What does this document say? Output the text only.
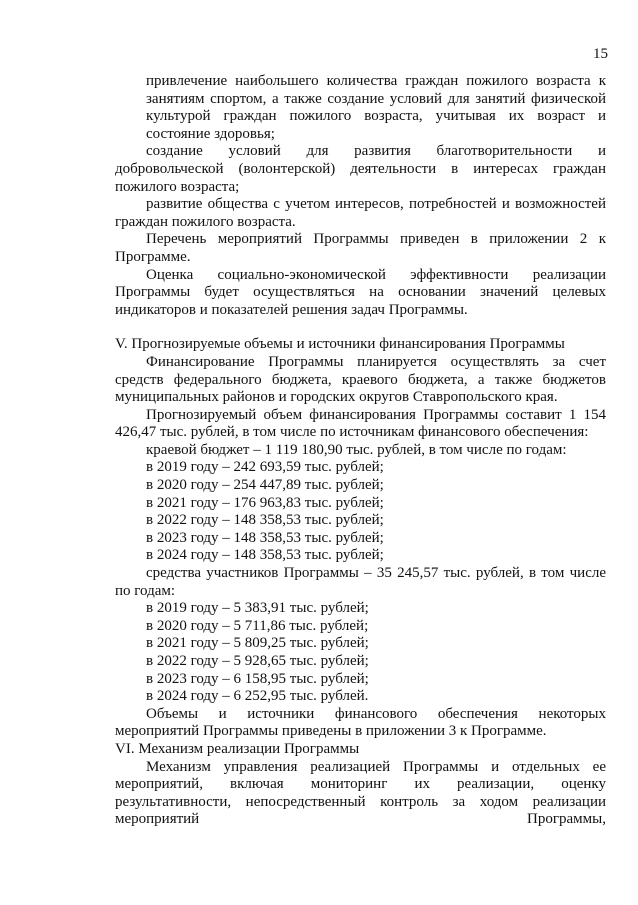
15

привлечение наибольшего количества граждан пожилого возраста к занятиям спортом, а также создание условий для занятий физической культурой граждан пожилого возраста, учитывая их возраст и состояние здоровья;

создание условий для развития благотворительности и добровольческой (волонтерской) деятельности в интересах граждан пожилого возраста;

развитие общества с учетом интересов, потребностей и возможностей граждан пожилого возраста.

Перечень мероприятий Программы приведен в приложении 2 к Программе.

Оценка социально-экономической эффективности реализации Программы будет осуществляться на основании значений целевых индикаторов и показателей решения задач Программы.

V. Прогнозируемые объемы и источники финансирования Программы

Финансирование Программы планируется осуществлять за счет средств федерального бюджета, краевого бюджета, а также бюджетов муниципальных районов и городских округов Ставропольского края.

Прогнозируемый объем финансирования Программы составит 1 154 426,47 тыс. рублей, в том числе по источникам финансового обеспечения:

краевой бюджет – 1 119 180,90 тыс. рублей, в том числе по годам:

в 2019 году – 242 693,59 тыс. рублей;

в 2020 году – 254 447,89 тыс. рублей;

в 2021 году – 176 963,83 тыс. рублей;

в 2022 году – 148 358,53 тыс. рублей;

в 2023 году – 148 358,53 тыс. рублей;

в 2024 году – 148 358,53 тыс. рублей;

средства участников Программы – 35 245,57 тыс. рублей, в том числе по годам:

в 2019 году – 5 383,91 тыс. рублей;

в 2020 году – 5 711,86 тыс. рублей;

в 2021 году – 5 809,25 тыс. рублей;

в 2022 году – 5 928,65 тыс. рублей;

в 2023 году – 6 158,95 тыс. рублей;

в 2024 году – 6 252,95 тыс. рублей.

Объемы и источники финансового обеспечения некоторых мероприятий Программы приведены в приложении 3 к Программе.

VI. Механизм реализации Программы

Механизм управления реализацией Программы и отдельных ее мероприятий, включая мониторинг их реализации, оценку результативности, непосредственный контроль за ходом реализации мероприятий Программы,
